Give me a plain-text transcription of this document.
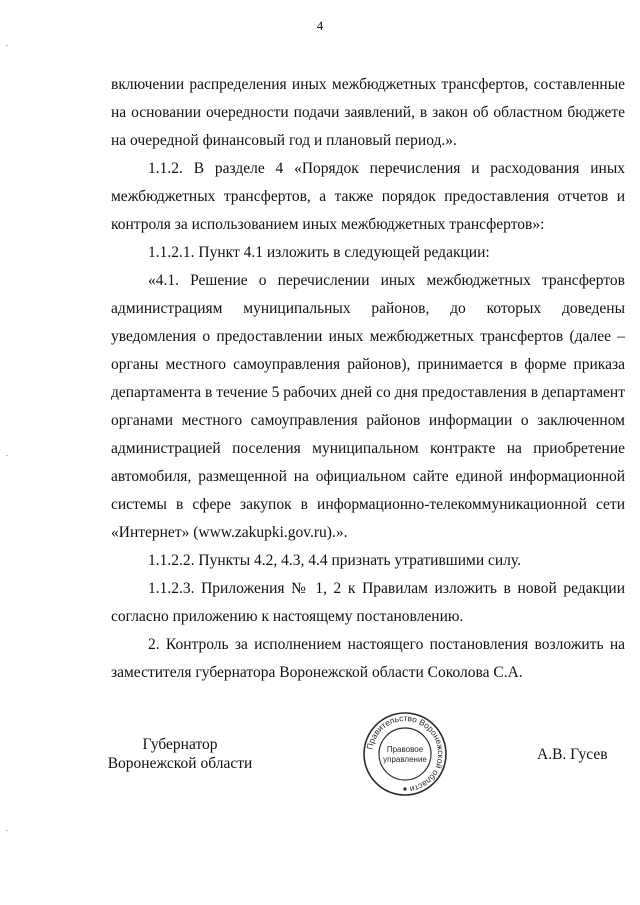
4

включении распределения иных межбюджетных трансфертов, составленные на основании очередности подачи заявлений, в закон об областном бюджете на очередной финансовый год и плановый период.».

1.1.2. В разделе 4 «Порядок перечисления и расходования иных межбюджетных трансфертов, а также порядок предоставления отчетов и контроля за использованием иных межбюджетных трансфертов»:

1.1.2.1. Пункт 4.1 изложить в следующей редакции:

«4.1. Решение о перечислении иных межбюджетных трансфертов администрациям муниципальных районов, до которых доведены уведомления о предоставлении иных межбюджетных трансфертов (далее – органы местного самоуправления районов), принимается в форме приказа департамента в течение 5 рабочих дней со дня предоставления в департамент органами местного самоуправления районов информации о заключенном администрацией поселения муниципальном контракте на приобретение автомобиля, размещенной на официальном сайте единой информационной системы в сфере закупок в информационно-телекоммуникационной сети «Интернет» (www.zakupki.gov.ru).».

1.1.2.2. Пункты 4.2, 4.3, 4.4 признать утратившими силу.

1.1.2.3. Приложения № 1, 2 к Правилам изложить в новой редакции согласно приложению к настоящему постановлению.

2. Контроль за исполнением настоящего постановления возложить на заместителя губернатора Воронежской области Соколова С.А.

Губернатор
Воронежской области
Правительство Воронежской области
Правовое
управление	А.В. Гусев
